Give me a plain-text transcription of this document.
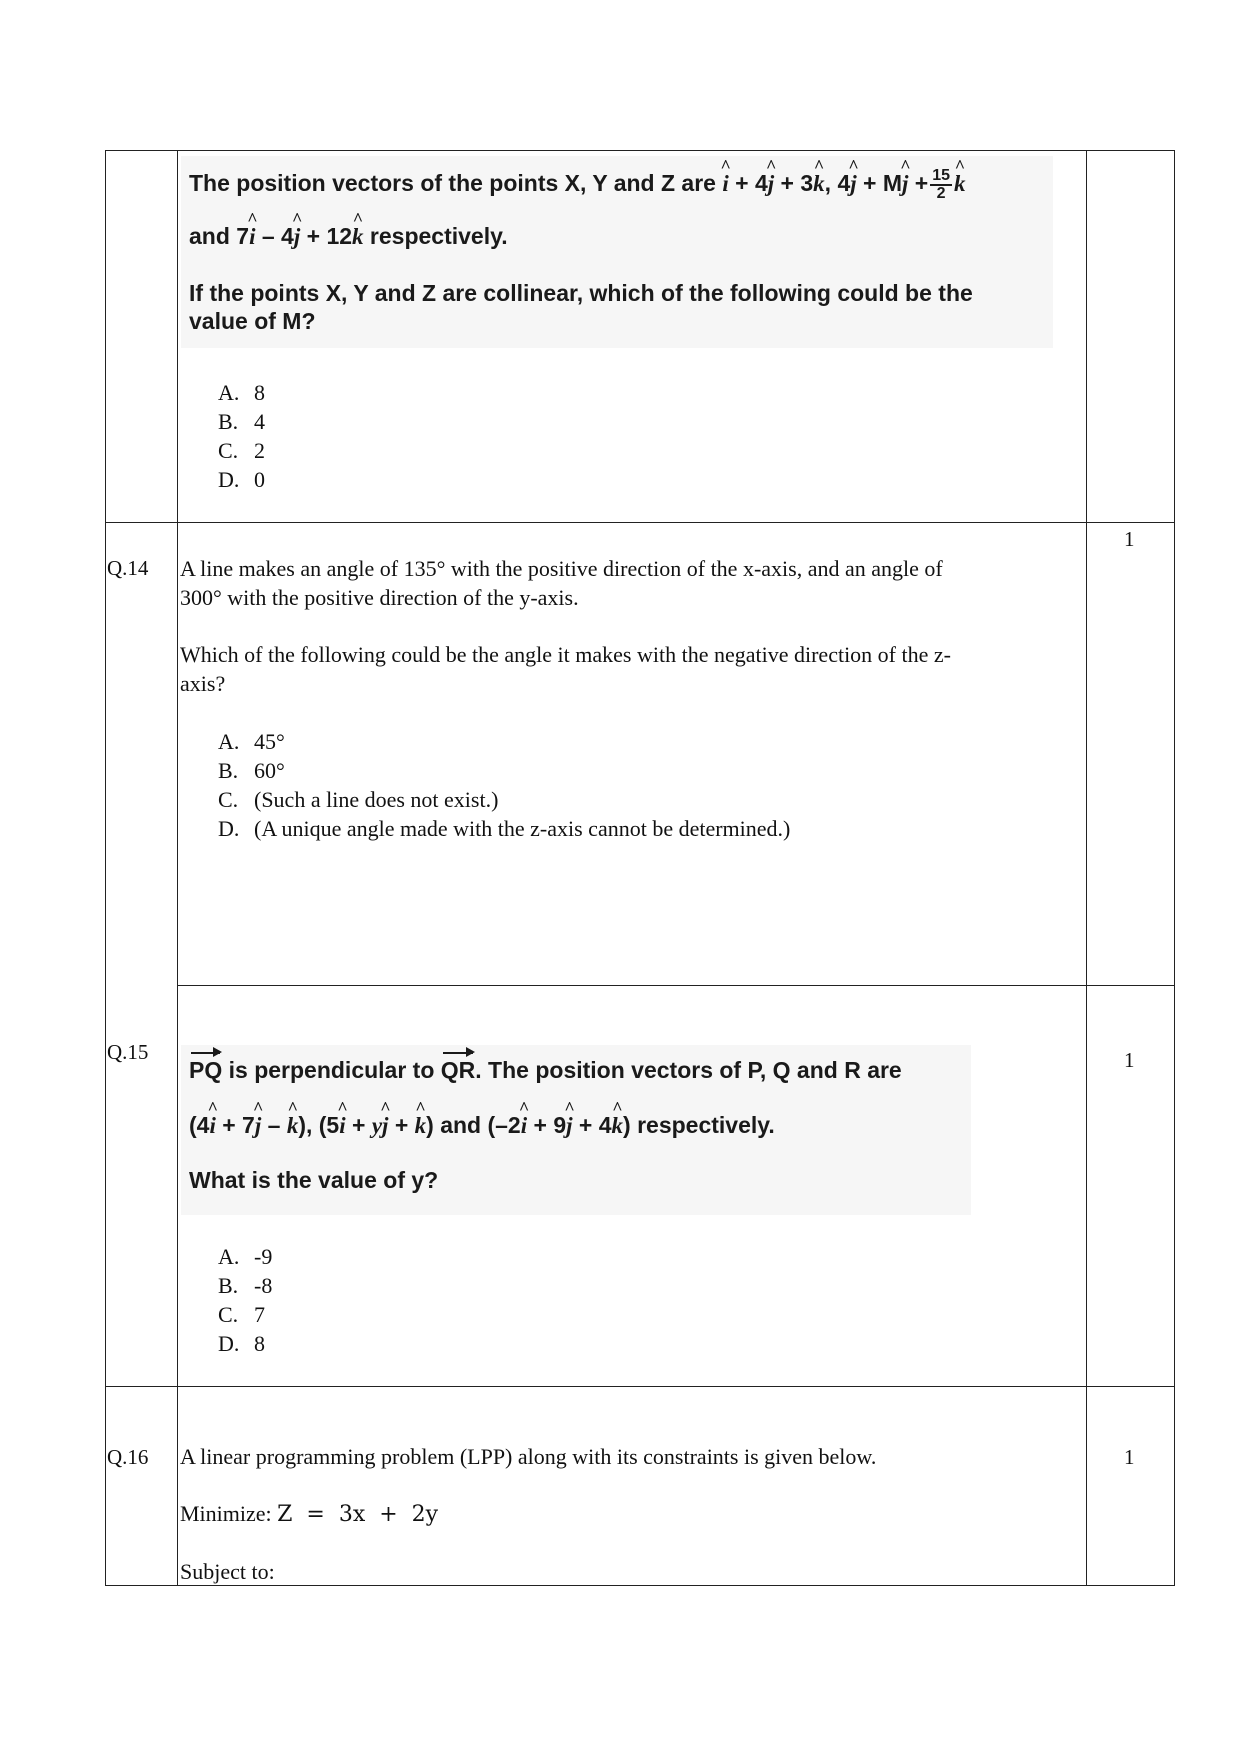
The position vectors of the points X, Y and Z are ^ i + 4^ j + 3^ k, 4^ j + M^ $j + \frac{15}{2}$
^ k
and 7^ i – 4^ j + 12^ k respectively.
If the points X, Y and Z are collinear, which of the following could be the
value of M?
A. 8
B. 4
C. 2
D. 0
1
Q.14 A line makes an angle of 135° with the positive direction of the x-axis, and an angle of
300° with the positive direction of the y-axis.
Which of the following could be the angle it makes with the negative direction of the z-
axis?
A. 45°
B. 60°
C. (Such a line does not exist.)
D. (A unique angle made with the z-axis cannot be determined.)
Q.15	1
PQ is perpendicular to QR. The position vectors of P, Q and R are
(4^ i + 7^ j – ^ k), (5^ i + y^ j + ^ k) and (–2^ i + 9^ j + 4^ k) respectively.
What is the value of y?
A. -9
B. -8
C. 7
D. 8
Q.16	1
A linear programming problem (LPP) along with its constraints is given below.
Minimize: Z  =  3x  +  2y
Subject to:
